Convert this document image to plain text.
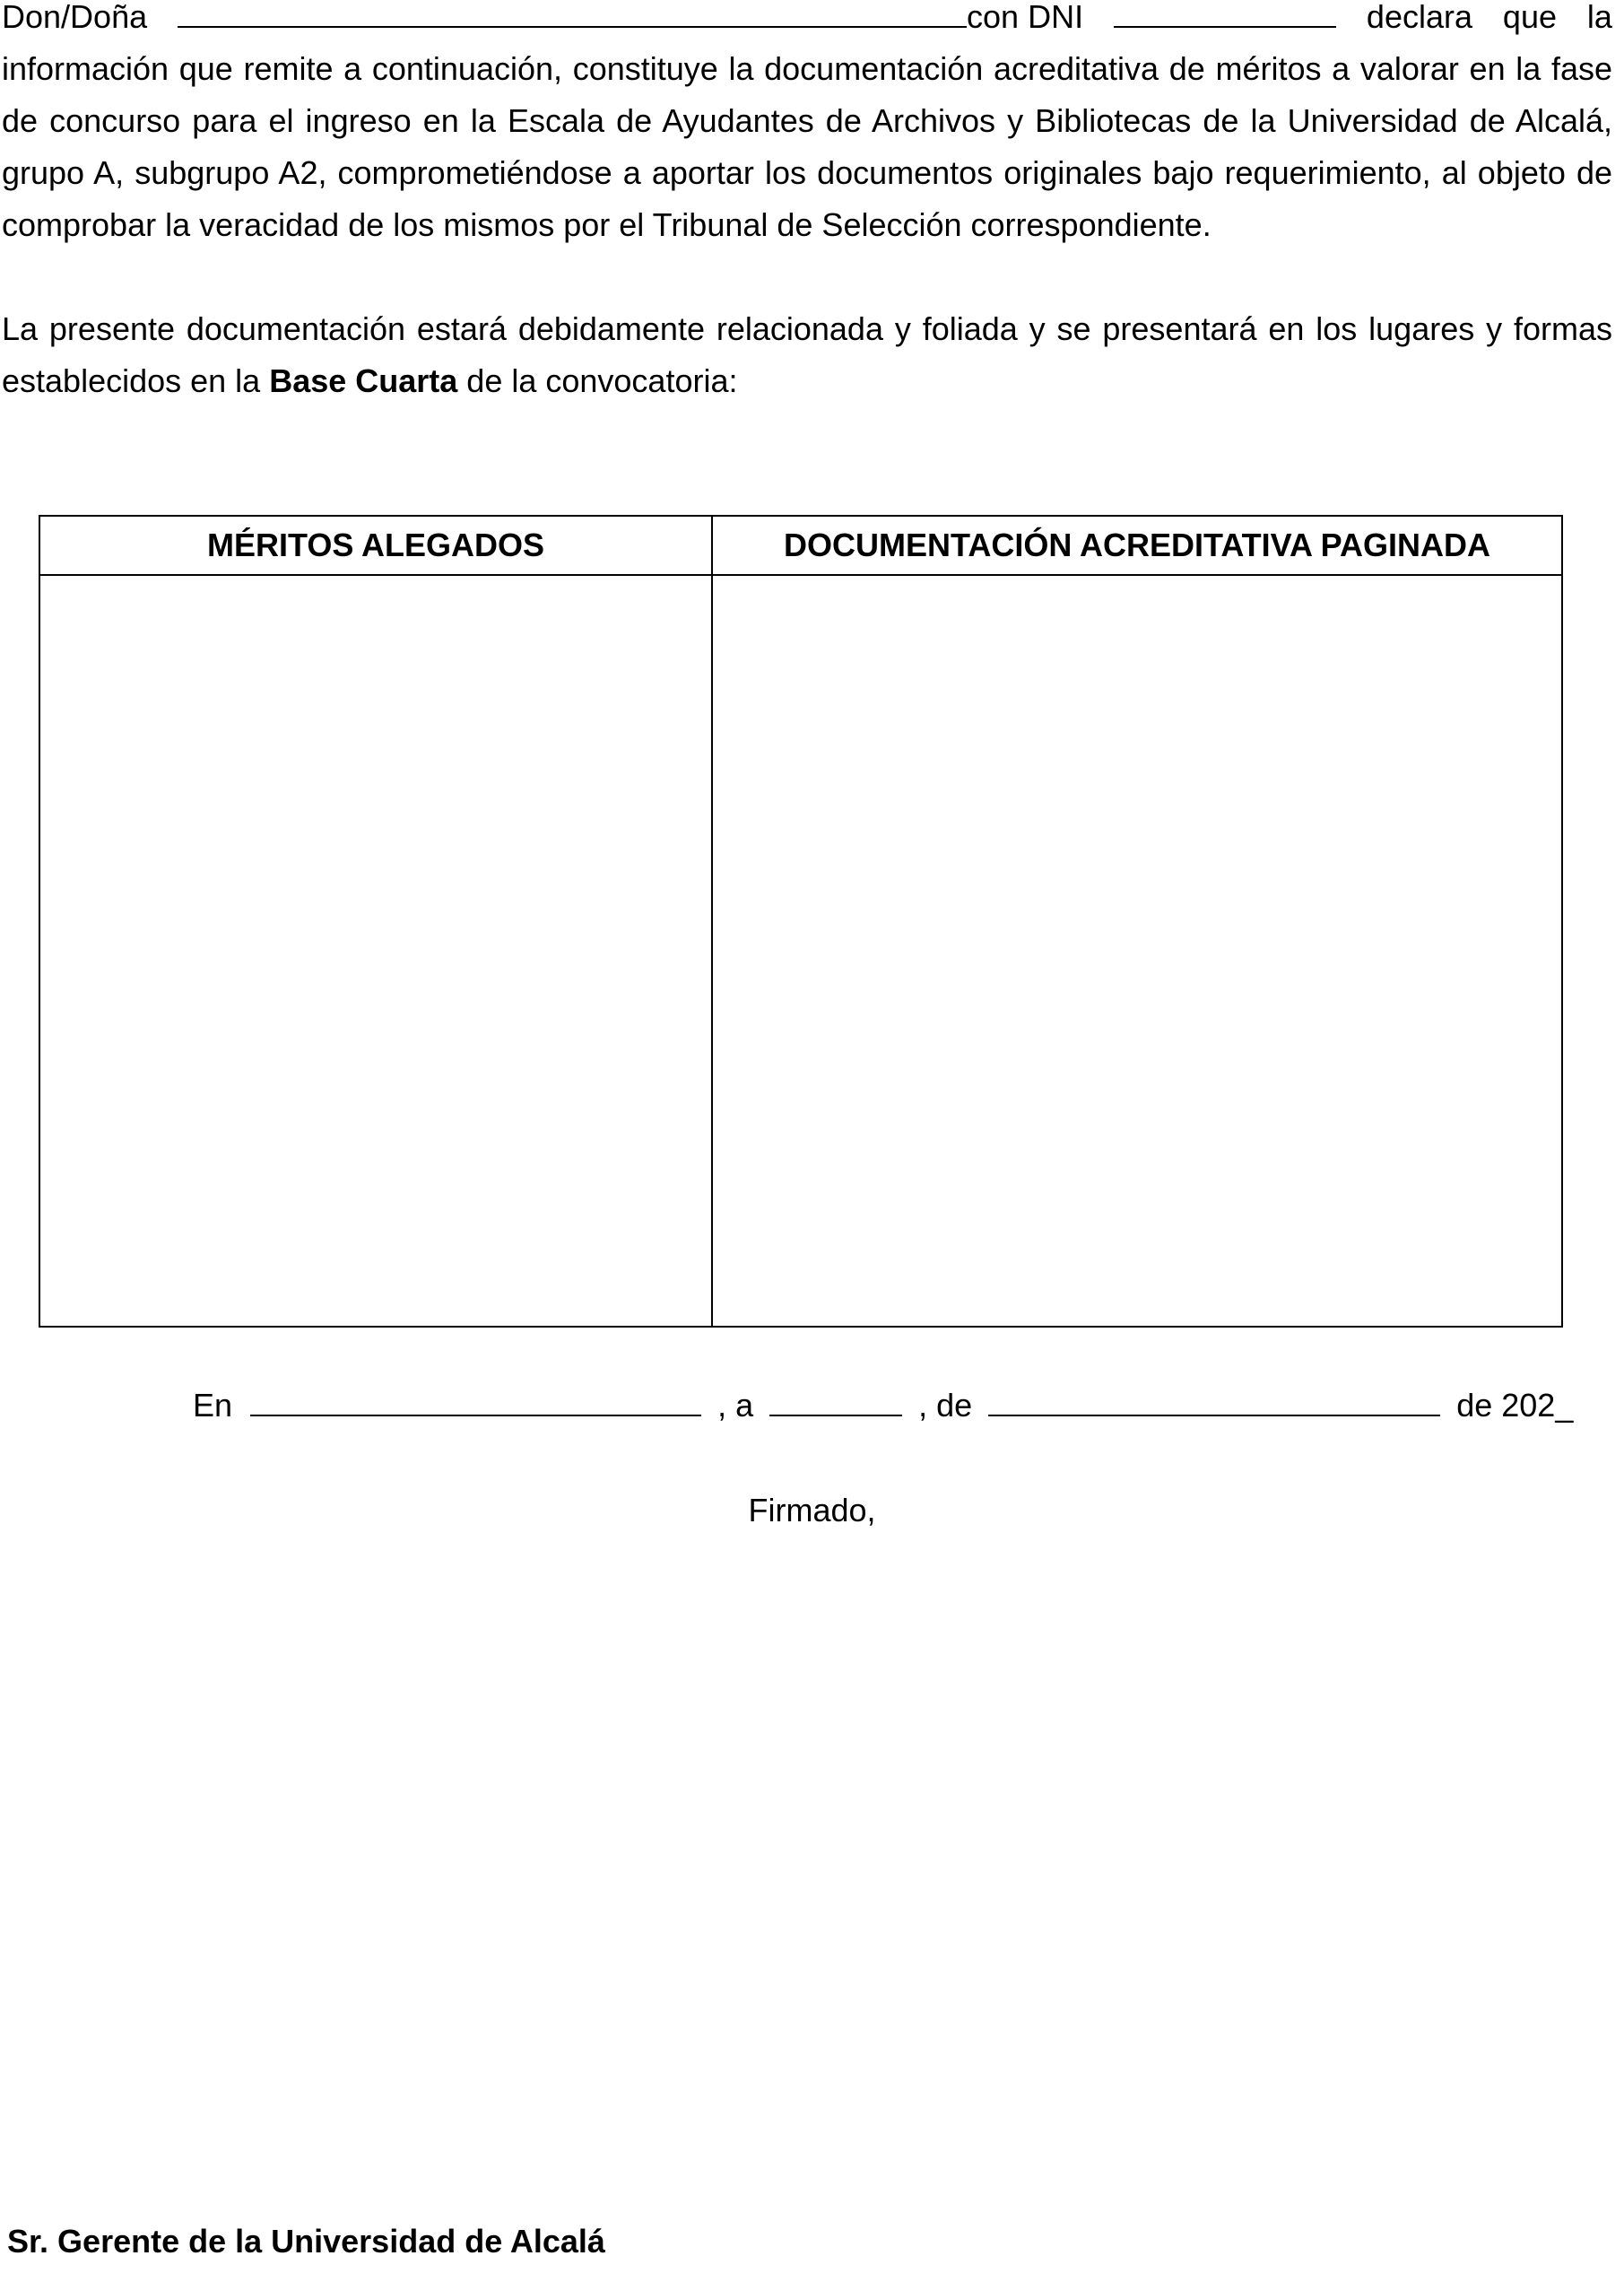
Don/Doña	con DNI	declara que la
información que remite a continuación, constituye la documentación acreditativa de méritos a valorar en la fase de concurso para el ingreso en la Escala de Ayudantes de Archivos y Bibliotecas de la Universidad de Alcalá, grupo A, subgrupo A2, comprometiéndose a aportar los documentos originales bajo requerimiento, al objeto de comprobar la veracidad de los mismos por el Tribunal de Selección correspondiente.
La presente documentación estará debidamente relacionada y foliada y se presentará en los lugares y formas establecidos en la Base Cuarta de la convocatoria:
MÉRITOS ALEGADOS	DOCUMENTACIÓN ACREDITATIVA PAGINADA

En	, a	, de	de 202_
Firmado,
Sr. Gerente de la Universidad de Alcalá
